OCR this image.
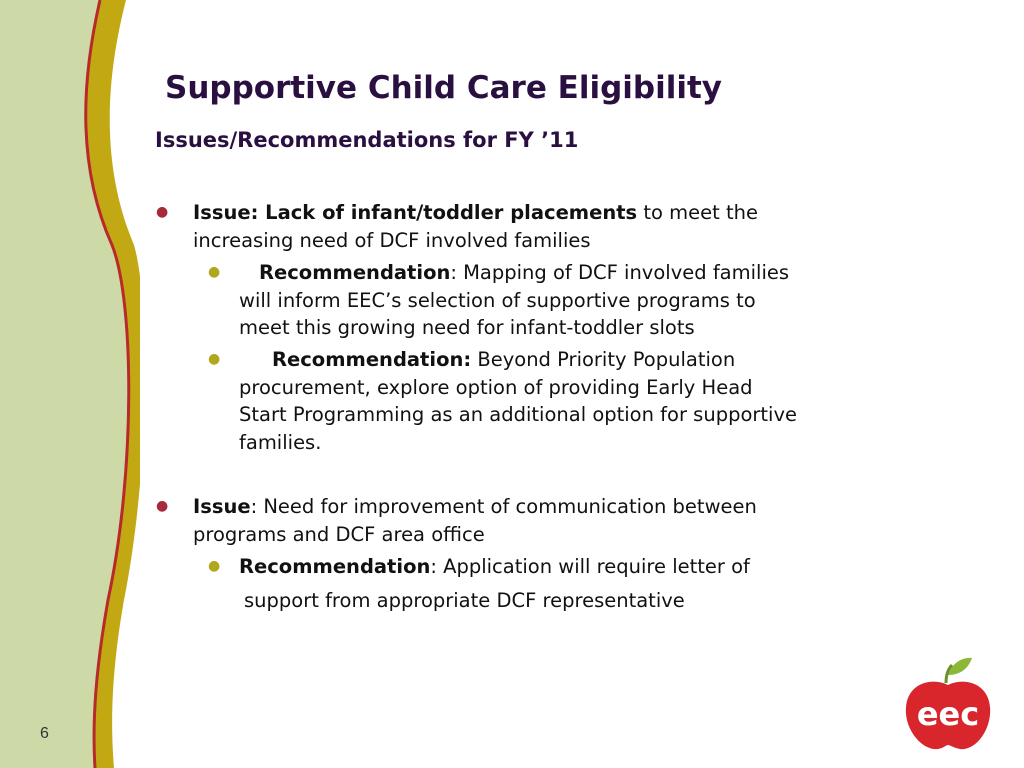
Supportive Child Care Eligibility
Issues/Recommendations for FY ’11
● Issue: Lack of infant/toddler placements to meet the
increasing need of DCF involved families
●	Recommendation: Mapping of DCF involved families
will inform EEC’s selection of supportive programs to
meet this growing need for infant-toddler slots
●	Recommendation: Beyond Priority Population
procurement, explore option of providing Early Head
Start Programming as an additional option for supportive
families.
● Issue: Need for improvement of communication between
programs and DCF area office
● Recommendation: Application will require letter of
support from appropriate DCF representative
6
eec
